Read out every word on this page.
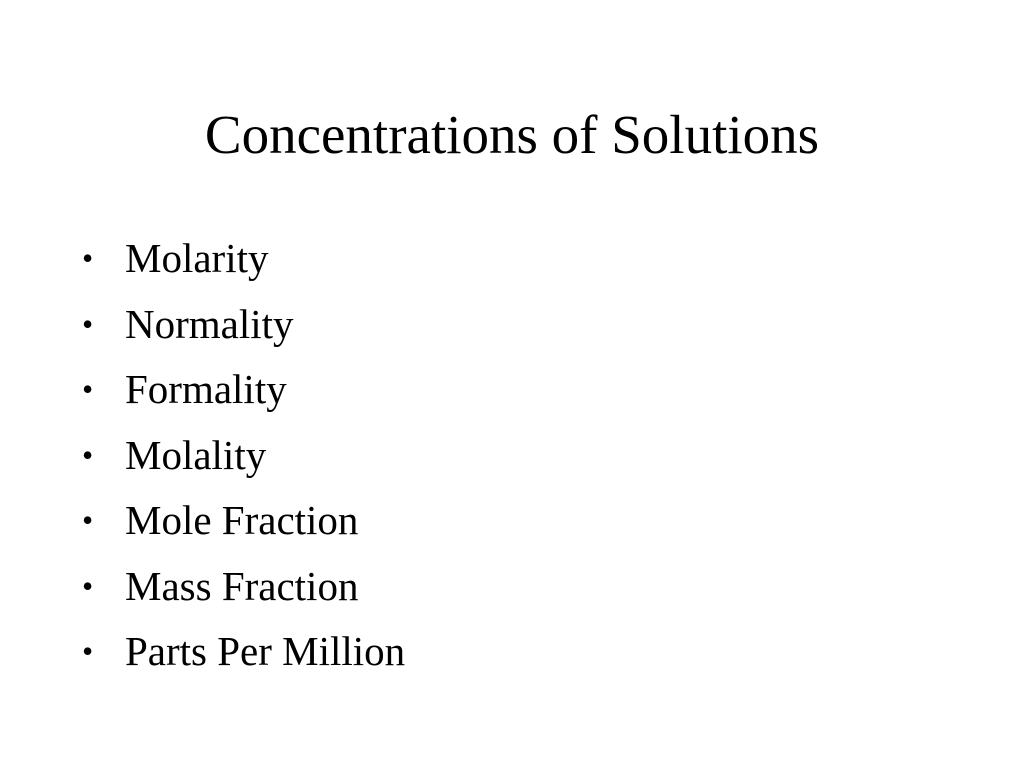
Concentrations of Solutions
• Molarity
• Normality
• Formality
• Molality
• Mole Fraction
• Mass Fraction
• Parts Per Million
